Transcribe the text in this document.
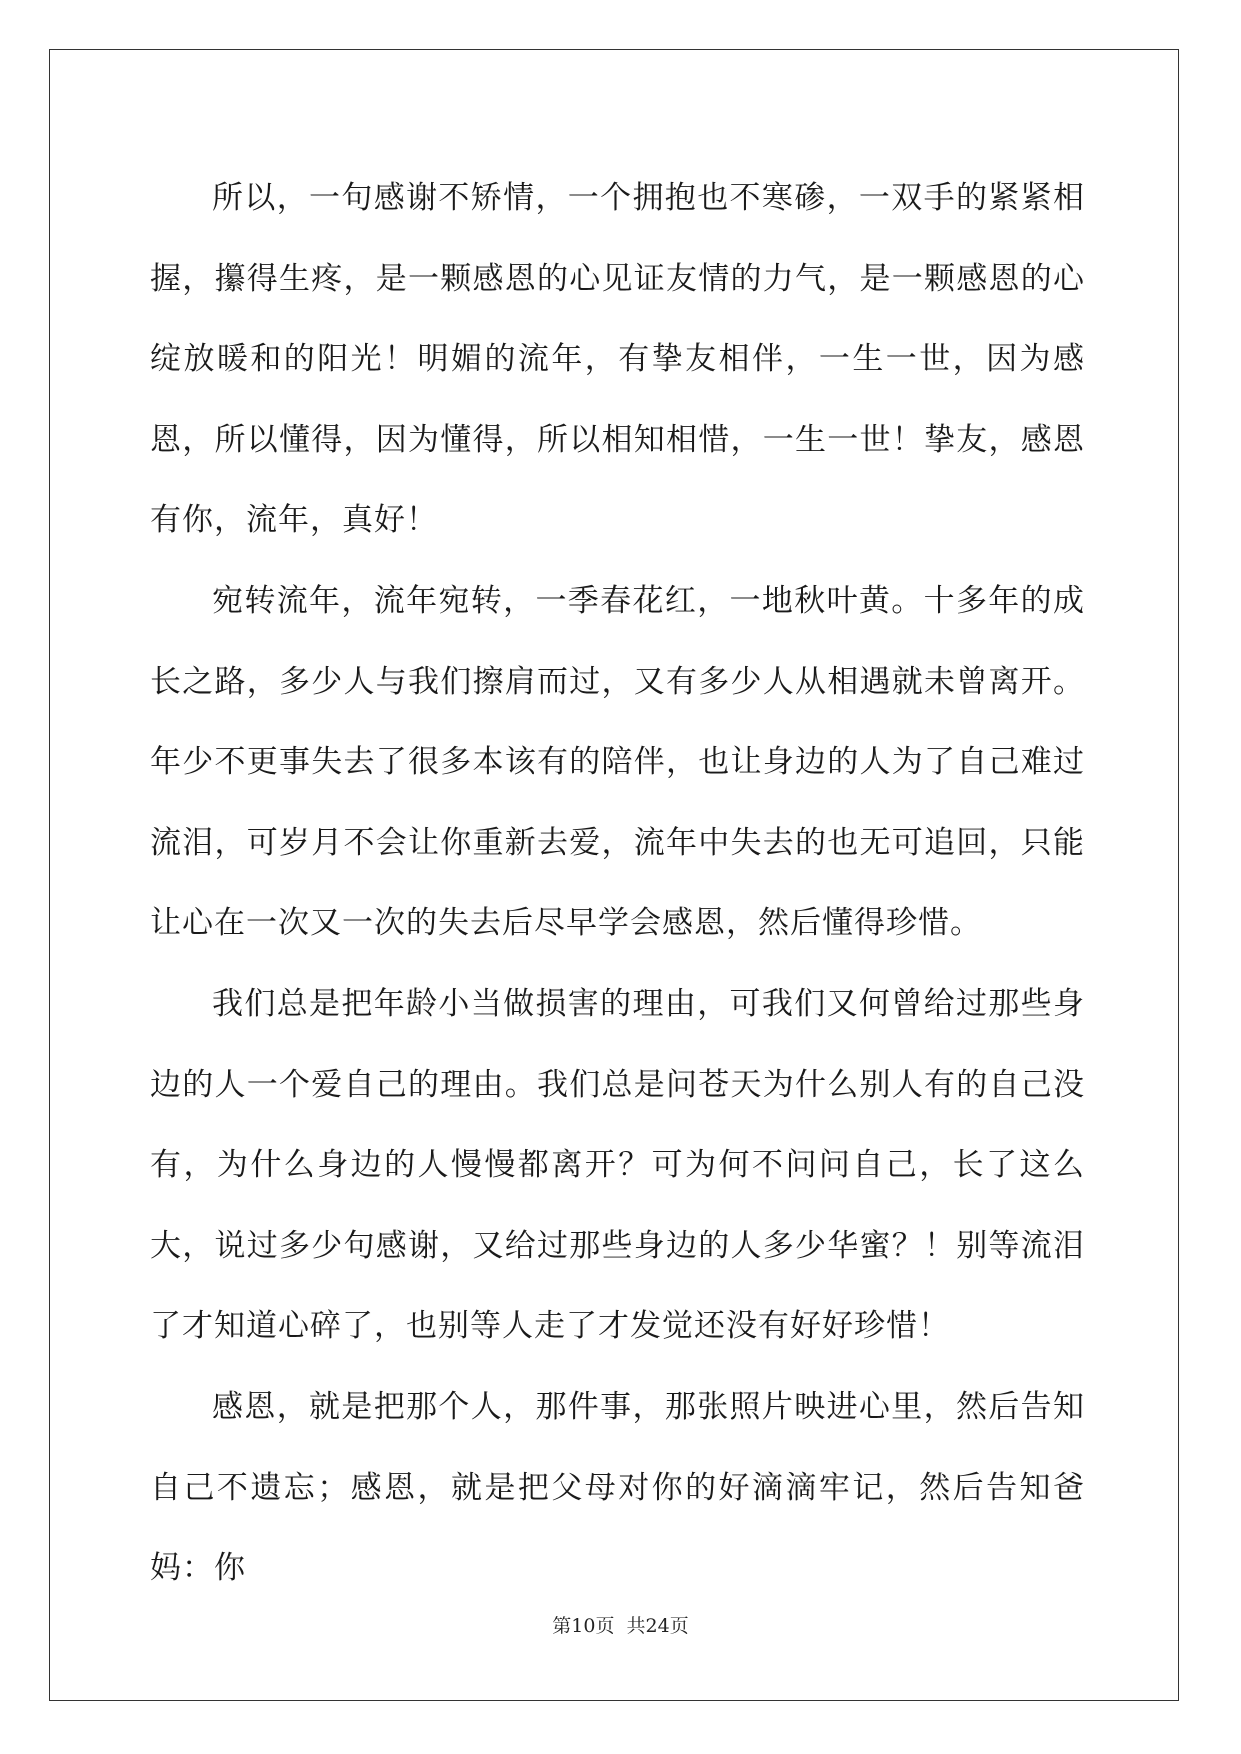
所以，一句感谢不矫情，一个拥抱也不寒碜，一双手的紧紧相握，攥得生疼，是一颗感恩的心见证友情的力气，是一颗感恩的心绽放暖和的阳光！明媚的流年，有挚友相伴，一生一世，因为感恩，所以懂得，因为懂得，所以相知相惜，一生一世！挚友，感恩有你，流年，真好！

宛转流年，流年宛转，一季春花红，一地秋叶黄。十多年的成长之路，多少人与我们擦肩而过，又有多少人从相遇就未曾离开。年少不更事失去了很多本该有的陪伴，也让身边的人为了自己难过流泪，可岁月不会让你重新去爱，流年中失去的也无可追回，只能让心在一次又一次的失去后尽早学会感恩，然后懂得珍惜。

我们总是把年龄小当做损害的理由，可我们又何曾给过那些身边的人一个爱自己的理由。我们总是问苍天为什么别人有的自己没有，为什么身边的人慢慢都离开？可为何不问问自己，长了这么大，说过多少句感谢，又给过那些身边的人多少华蜜？！别等流泪了才知道心碎了，也别等人走了才发觉还没有好好珍惜！

感恩，就是把那个人，那件事，那张照片映进心里，然后告知自己不遗忘；感恩，就是把父母对你的好滴滴牢记，然后告知爸妈：你

第10页 共24页
